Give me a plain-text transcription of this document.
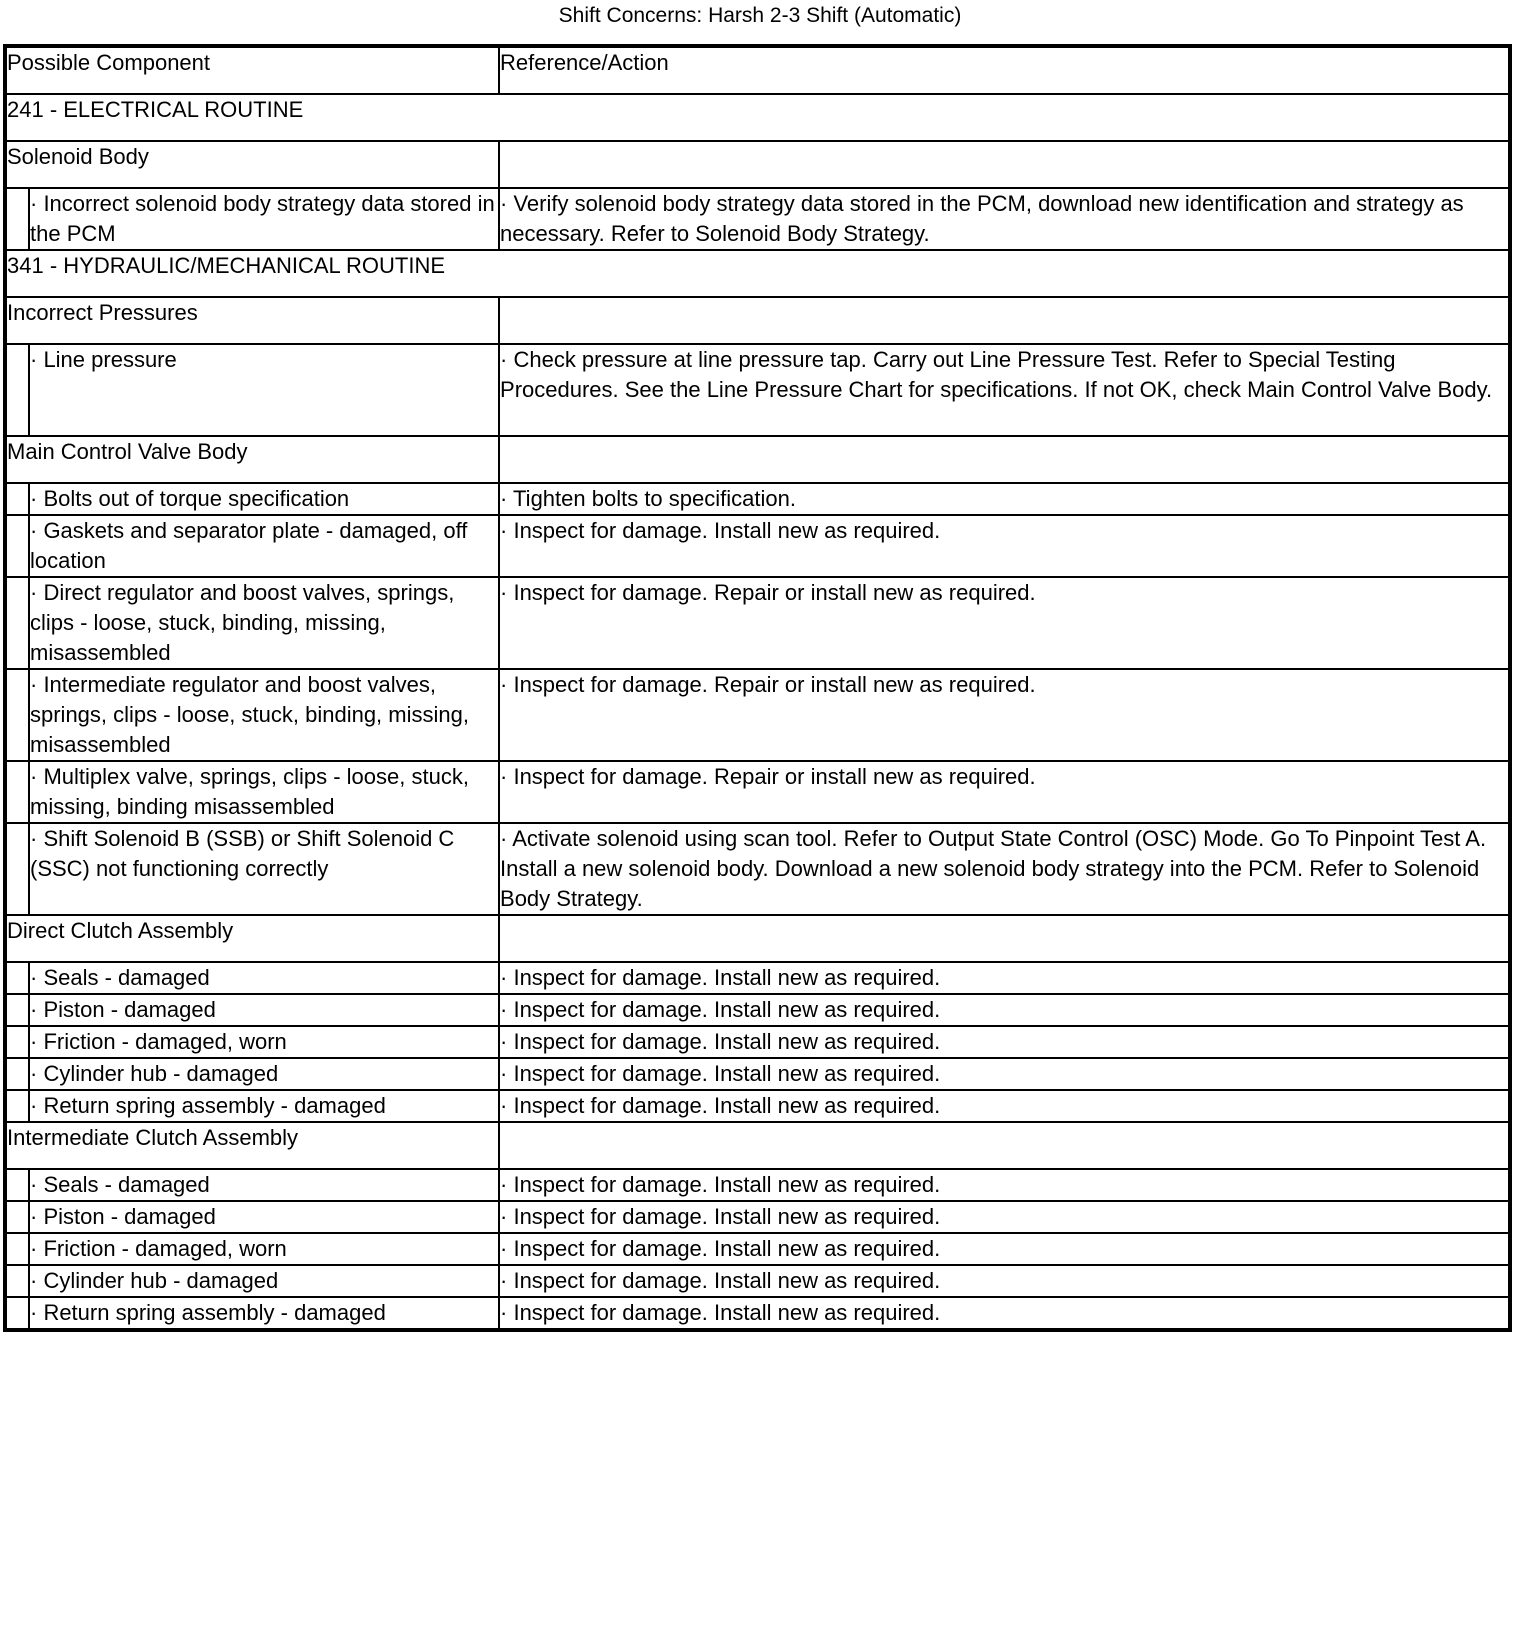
Shift Concerns: Harsh 2-3 Shift (Automatic)
Possible Component		Reference/Action
241 - ELECTRICAL ROUTINE		
Solenoid Body		
	· Incorrect solenoid body strategy data stored in the PCM	· Verify solenoid body strategy data stored in the PCM, download new identification and strategy as necessary. Refer to Solenoid Body Strategy.
341 - HYDRAULIC/MECHANICAL ROUTINE		
Incorrect Pressures		
	· Line pressure	· Check pressure at line pressure tap. Carry out Line Pressure Test. Refer to Special Testing Procedures. See the Line Pressure Chart for specifications. If not OK, check Main Control Valve Body.
Main Control Valve Body		
	· Bolts out of torque specification	· Tighten bolts to specification.
	· Gaskets and separator plate - damaged, off location	· Inspect for damage. Install new as required.
	· Direct regulator and boost valves, springs, clips - loose, stuck, binding, missing, misassembled	· Inspect for damage. Repair or install new as required.
	· Intermediate regulator and boost valves, springs, clips - loose, stuck, binding, missing, misassembled	· Inspect for damage. Repair or install new as required.
	· Multiplex valve, springs, clips - loose, stuck, missing, binding misassembled	· Inspect for damage. Repair or install new as required.
	· Shift Solenoid B (SSB) or Shift Solenoid C (SSC) not functioning correctly	· Activate solenoid using scan tool. Refer to Output State Control (OSC) Mode. Go To Pinpoint Test A. Install a new solenoid body. Download a new solenoid body strategy into the PCM. Refer to Solenoid Body Strategy.
Direct Clutch Assembly		
	· Seals - damaged	· Inspect for damage. Install new as required.
	· Piston - damaged	· Inspect for damage. Install new as required.
	· Friction - damaged, worn	· Inspect for damage. Install new as required.
	· Cylinder hub - damaged	· Inspect for damage. Install new as required.
	· Return spring assembly - damaged	· Inspect for damage. Install new as required.
Intermediate Clutch Assembly		
	· Seals - damaged	· Inspect for damage. Install new as required.
	· Piston - damaged	· Inspect for damage. Install new as required.
	· Friction - damaged, worn	· Inspect for damage. Install new as required.
	· Cylinder hub - damaged	· Inspect for damage. Install new as required.
	· Return spring assembly - damaged	· Inspect for damage. Install new as required.
